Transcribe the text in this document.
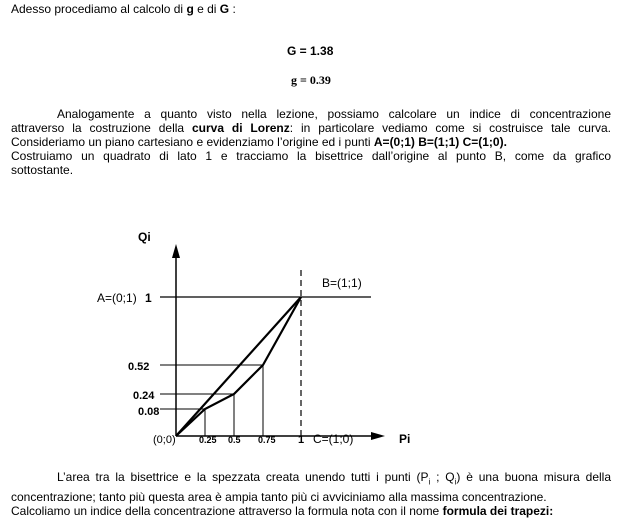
Adesso procediamo al calcolo di g e di G :
G = 1.38
g = 0.39
Analogamente a quanto visto nella lezione, possiamo calcolare un indice di concentrazione
attraverso la costruzione della curva di Lorenz: in particolare vediamo come si costruisce tale curva.
Consideriamo un piano cartesiano e evidenziamo l’origine ed i punti A=(0;1) B=(1;1) C=(1;0).
Costruiamo un quadrato di lato 1 e tracciamo la bisettrice dall’origine al punto B, come da grafico
sottostante.
Qi
Pi
B=(1;1)
A=(0;1) 1
0.52
0.24
0.08
(0;0)	0.25 0.5 0.75 1 C=(1;0)
L’area tra la bisettrice e la spezzata creata unendo tutti i punti ($P_i$ ; $Q_i$) è una buona misura della
concentrazione; tanto più questa area è ampia tanto più ci avviciniamo alla massima concentrazione.
Calcoliamo un indice della concentrazione attraverso la formula nota con il nome formula dei trapezi:
